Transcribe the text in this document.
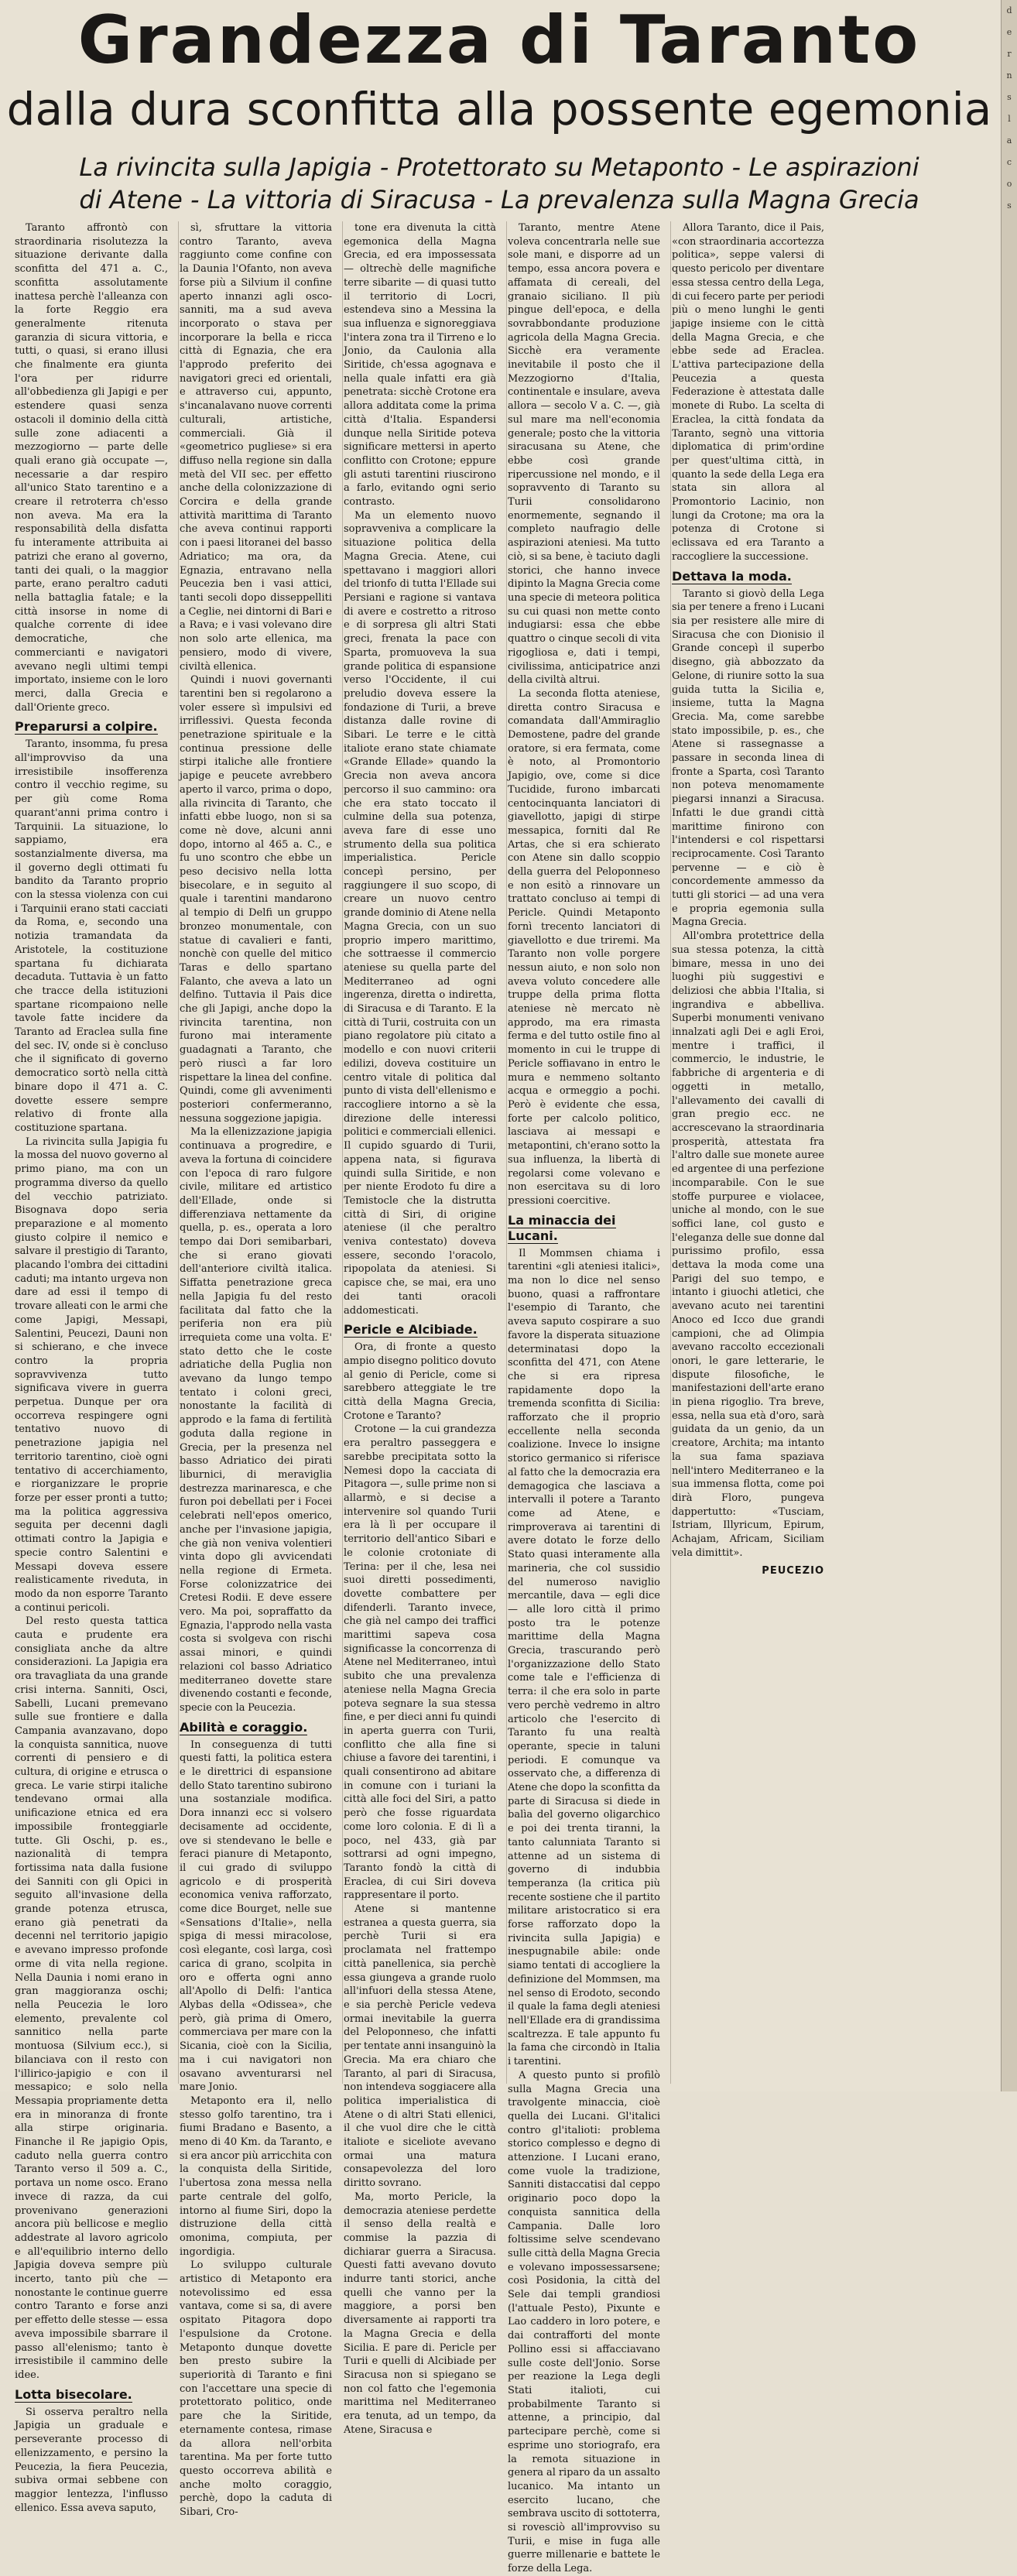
Grandezza di Taranto
dalla dura sconfitta alla possente egemonia

La rivincita sulla Japigia - Protettorato su Metaponto - Le aspirazioni

di Atene - La vittoria di Siracusa - La prevalenza sulla Magna Grecia

Taranto affrontò con straordinaria risolutezza la situazione derivante dalla sconfitta del 471 a. C., sconfitta assolutamente inattesa perchè l'alleanza con la forte Reggio era generalmente ritenuta garanzia di sicura vittoria, e tutti, o quasi, si erano illusi che finalmente era giunta l'ora per ridurre all'obbedienza gli Japigi e per estendere quasi senza ostacoli il dominio della città sulle zone adiacenti a mezzogiorno — parte delle quali erano già occupate —, necessarie a dar respiro all'unico Stato tarentino e a creare il retroterra ch'esso non aveva. Ma era la responsabilità della disfatta fu interamente attribuita ai patrizi che erano al governo, tanti dei quali, o la maggior parte, erano peraltro caduti nella battaglia fatale; e la città insorse in nome di qualche corrente di idee democratiche, che commercianti e navigatori avevano negli ultimi tempi importato, insieme con le loro merci, dalla Grecia e dall'Oriente greco.

Preparursi a colpire.

Taranto, insomma, fu presa all'improvviso da una irresistibile insofferenza contro il vecchio regime, su per giù come Roma quarant'anni prima contro i Tarquinii. La situazione, lo sappiamo, era sostanzialmente diversa, ma il governo degli ottimati fu bandito da Taranto proprio con la stessa violenza con cui i Tarquinii erano stati cacciati da Roma, e, secondo una notizia tramandata da Aristotele, la costituzione spartana fu dichiarata decaduta. Tuttavia è un fatto che tracce della istituzioni spartane ricompaiono nelle tavole fatte incidere da Taranto ad Eraclea sulla fine del sec. IV, onde si è concluso che il significato di governo democratico sortò nella città binare dopo il 471 a. C. dovette essere sempre relativo di fronte alla costituzione spartana.

La rivincita sulla Japigia fu la mossa del nuovo governo al primo piano, ma con un programma diverso da quello del vecchio patriziato. Bisognava dopo seria preparazione e al momento giusto colpire il nemico e salvare il prestigio di Taranto, placando l'ombra dei cittadini caduti; ma intanto urgeva non dare ad essi il tempo di trovare alleati con le armi che come Japigi, Messapi, Salentini, Peucezi, Dauni non si schierano, e che invece contro la propria sopravvivenza tutto significava vivere in guerra perpetua. Dunque per ora occorreva respingere ogni tentativo nuovo di penetrazione japigia nel territorio tarentino, cioè ogni tentativo di accerchiamento, e riorganizzare le proprie forze per esser pronti a tutto; ma la politica aggressiva seguita per decenni dagli ottimati contro la Japigia e specie contro Salentini e Messapi doveva essere realisticamente riveduta, in modo da non esporre Taranto a continui pericoli.

Del resto questa tattica cauta e prudente era consigliata anche da altre considerazioni. La Japigia era ora travagliata da una grande crisi interna. Sanniti, Osci, Sabelli, Lucani premevano sulle sue frontiere e dalla Campania avanzavano, dopo la conquista sannitica, nuove correnti di pensiero e di cultura, di origine e etrusca o greca. Le varie stirpi italiche tendevano ormai alla unificazione etnica ed era impossibile fronteggiarle tutte. Gli Oschi, p. es., nazionalità di tempra fortissima nata dalla fusione dei Sanniti con gli Opici in seguito all'invasione della grande potenza etrusca, erano già penetrati da decenni nel territorio japigio e avevano impresso profonde orme di vita nella regione. Nella Daunia i nomi erano in gran maggioranza oschi; nella Peucezia le loro elemento, prevalente col sannitico nella parte montuosa (Silvium ecc.), si bilanciava con il resto con l'illirico-japigio e con il messapico; e solo nella Messapia propriamente detta era in minoranza di fronte alla stirpe originaria. Finanche il Re japigio Opis, caduto nella guerra contro Taranto verso il 509 a. C., portava un nome osco. Erano invece di razza, da cui provenivano generazioni ancora più bellicose e meglio addestrate al lavoro agricolo e all'equilibrio interno dello Japigia doveva sempre più incerto, tanto più che — nonostante le continue guerre contro Taranto e forse anzi per effetto delle stesse — essa aveva impossibile sbarrare il passo all'elenismo; tanto è irresistibile il cammino delle idee.

Lotta bisecolare.

Si osserva peraltro nella Japigia un graduale e perseverante processo di ellenizzamento, e persino la Peucezia, la fiera Peucezia, subiva ormai sebbene con maggior lentezza, l'influsso ellenico. Essa aveva saputo,

sì, sfruttare la vittoria contro Taranto, aveva raggiunto come confine con la Daunia l'Ofanto, non aveva forse più a Silvium il confine aperto innanzi agli osco-sanniti, ma a sud aveva incorporato o stava per incorporare la bella e ricca città di Egnazia, che era l'approdo preferito dei navigatori greci ed orientali, e attraverso cui, appunto, s'incanalavano nuove correnti culturali, artistiche, commerciali. Già il «geometrico pugliese» si era diffuso nella regione sin dalla metà del VII sec. per effetto anche della colonizzazione di Corcira e della grande attività marittima di Taranto che aveva continui rapporti con i paesi litoranei del basso Adriatico; ma ora, da Egnazia, entravano nella Peucezia ben i vasi attici, tanti secoli dopo disseppelliti a Ceglie, nei dintorni di Bari e a Rava; e i vasi volevano dire non solo arte ellenica, ma pensiero, modo di vivere, civiltà ellenica.

Quindi i nuovi governanti tarentini ben si regolarono a voler essere sì impulsivi ed irriflessivi. Questa feconda penetrazione spirituale e la continua pressione delle stirpi italiche alle frontiere japige e peucete avrebbero aperto il varco, prima o dopo, alla rivincita di Taranto, che infatti ebbe luogo, non si sa come nè dove, alcuni anni dopo, intorno al 465 a. C., e fu uno scontro che ebbe un peso decisivo nella lotta bisecolare, e in seguito al quale i tarentini mandarono al tempio di Delfi un gruppo bronzeo monumentale, con statue di cavalieri e fanti, nonchè con quelle del mitico Taras e dello spartano Falanto, che aveva a lato un delfino. Tuttavia il Pais dice che gli Japigi, anche dopo la rivincita tarentina, non furono mai interamente guadagnati a Taranto, che però riuscì a far loro rispettare la linea del confine. Quindi, come gli avvenimenti posteriori confermeranno, nessuna soggezione japigia.

Ma la ellenizzazione japigia continuava a progredire, e aveva la fortuna di coincidere con l'epoca di raro fulgore civile, militare ed artistico dell'Ellade, onde si differenziava nettamente da quella, p. es., operata a loro tempo dai Dori semibarbari, che si erano giovati dell'anteriore civiltà italica. Siffatta penetrazione greca nella Japigia fu del resto facilitata dal fatto che la periferia non era più irrequieta come una volta. E' stato detto che le coste adriatiche della Puglia non avevano da lungo tempo tentato i coloni greci, nonostante la facilità di approdo e la fama di fertilità goduta dalla regione in Grecia, per la presenza nel basso Adriatico dei pirati liburnici, di meraviglia destrezza marinaresca, e che furon poi debellati per i Focei celebrati nell'epos omerico, anche per l'invasione japigia, che già non veniva volentieri vinta dopo gli avvicendati nella regione di Ermeta. Forse colonizzatrice dei Cretesi Rodii. E deve essere vero. Ma poi, sopraffatto da Egnazia, l'approdo nella vasta costa si svolgeva con rischi assai minori, e quindi relazioni col basso Adriatico mediterraneo dovette stare divenendo costanti e feconde, specie con la Peucezia.

Abilità e coraggio.

In conseguenza di tutti questi fatti, la politica estera e le direttrici di espansione dello Stato tarentino subirono una sostanziale modifica. Dora innanzi ecc si volsero decisamente ad occidente, ove si stendevano le belle e feraci pianure di Metaponto, il cui grado di sviluppo agricolo e di prosperità economica veniva rafforzato, come dice Bourget, nelle sue «Sensations d'Italie», nella spiga di messi miracolose, così elegante, così larga, così carica di grano, scolpita in oro e offerta ogni anno all'Apollo di Delfi: l'antica Alybas della «Odissea», che però, già prima di Omero, commerciava per mare con la Sicania, cioè con la Sicilia, ma i cui navigatori non osavano avventurarsi nel mare Jonio.

Metaponto era il, nello stesso golfo tarentino, tra i fiumi Bradano e Basento, a meno di 40 Km. da Taranto, e si era ancor più arricchita con la conquista della Siritide, l'ubertosa zona messa nella parte centrale del golfo, intorno al fiume Siri, dopo la distruzione della città omonima, compiuta, per ingordigia.

Lo sviluppo culturale artistico di Metaponto era notevolissimo ed essa vantava, come si sa, di avere ospitato Pitagora dopo l'espulsione da Crotone. Metaponto dunque dovette ben presto subire la superiorità di Taranto e fini con l'accettare una specie di protettorato politico, onde pare che la Siritide, eternamente contesa, rimase da allora nell'orbita tarentina. Ma per forte tutto questo occorreva abilità e anche molto coraggio, perchè, dopo la caduta di Sibari, Cro-

tone era divenuta la città egemonica della Magna Grecia, ed era impossessata — oltrechè delle magnifiche terre sibarite — di quasi tutto il territorio di Locri, estendeva sino a Messina la sua influenza e signoreggiava l'intera zona tra il Tirreno e lo Jonio, da Caulonia alla Siritide, ch'essa agognava e nella quale infatti era già penetrata: sicchè Crotone era allora additata come la prima città d'Italia. Espandersi dunque nella Siritide poteva significare mettersi in aperto conflitto con Crotone; eppure gli astuti tarentini riuscirono a farlo, evitando ogni serio contrasto.

Ma un elemento nuovo sopravveniva a complicare la situazione politica della Magna Grecia. Atene, cui spettavano i maggiori allori del trionfo di tutta l'Ellade sui Persiani e ragione si vantava di avere e costretto a ritroso e di sorpresa gli altri Stati greci, frenata la pace con Sparta, promuoveva la sua grande politica di espansione verso l'Occidente, il cui preludio doveva essere la fondazione di Turii, a breve distanza dalle rovine di Sibari. Le terre e le città italiote erano state chiamate «Grande Ellade» quando la Grecia non aveva ancora percorso il suo cammino: ora che era stato toccato il culmine della sua potenza, aveva fare di esse uno strumento della sua politica imperialistica. Pericle concepì persino, per raggiungere il suo scopo, di creare un nuovo centro grande dominio di Atene nella Magna Grecia, con un suo proprio impero marittimo, che sottraesse il commercio ateniese su quella parte del Mediterraneo ad ogni ingerenza, diretta o indiretta, di Siracusa e di Taranto. E la città di Turii, costruita con un piano regolatore più citato a modello e con nuovi criterii edilizi, doveva costituire un centro vitale di politica dal punto di vista dell'ellenismo e raccogliere intorno a sè la direzione delle interessi politici e commerciali ellenici. Il cupido sguardo di Turii, appena nata, si figurava quindi sulla Siritide, e non per niente Erodoto fu dire a Temistocle che la distrutta città di Siri, di origine ateniese (il che peraltro veniva contestato) doveva essere, secondo l'oracolo, ripopolata da ateniesi. Si capisce che, se mai, era uno dei tanti oracoli addomesticati.

Pericle e Alcibiade.

Ora, di fronte a questo ampio disegno politico dovuto al genio di Pericle, come si sarebbero atteggiate le tre città della Magna Grecia, Crotone e Taranto?

Crotone — la cui grandezza era peraltro passeggera e sarebbe precipitata sotto la Nemesi dopo la cacciata di Pitagora —, sulle prime non si allarmò, e si decise a intervenire sol quando Turii era là lì per occupare il territorio dell'antico Sibari e le colonie crotoniate di Terina: per il che, lesa nei suoi diretti possedimenti, dovette combattere per difenderli. Taranto invece, che già nel campo dei traffici marittimi sapeva cosa significasse la concorrenza di Atene nel Mediterraneo, intuì subito che una prevalenza ateniese nella Magna Grecia poteva segnare la sua stessa fine, e per dieci anni fu quindi in aperta guerra con Turii, conflitto che alla fine si chiuse a favore dei tarentini, i quali consentirono ad abitare in comune con i turiani la città alle foci del Siri, a patto però che fosse riguardata come loro colonia. E di lì a poco, nel 433, già par sottrarsi ad ogni impegno, Taranto fondò la città di Eraclea, di cui Siri doveva rappresentare il porto.

Atene si mantenne estranea a questa guerra, sia perchè Turii si era proclamata nel frattempo città panellenica, sia perchè essa giungeva a grande ruolo all'infuori della stessa Atene, e sia perchè Pericle vedeva ormai inevitabile la guerra del Peloponneso, che infatti per tentate anni insanguinò la Grecia. Ma era chiaro che Taranto, al pari di Siracusa, non intendeva soggiacere alla politica imperialistica di Atene o di altri Stati ellenici, il che vuol dire che le città italiote e siceliote avevano ormai una matura consapevolezza del loro diritto sovrano.

Ma, morto Pericle, la democrazia ateniese perdette il senso della realtà e commise la pazzia di dichiarar guerra a Siracusa. Questi fatti avevano dovuto indurre tanti storici, anche quelli che vanno per la maggiore, a porsi ben diversamente ai rapporti tra la Magna Grecia e della Sicilia. E pare di. Pericle per Turii e quelli di Alcibiade per Siracusa non si spiegano se non col fatto che l'egemonia marittima nel Mediterraneo era tenuta, ad un tempo, da Atene, Siracusa e

Taranto, mentre Atene voleva concentrarla nelle sue sole mani, e disporre ad un tempo, essa ancora povera e affamata di cereali, del granaio siciliano. Il più pingue dell'epoca, e della sovrabbondante produzione agricola della Magna Grecia. Sicchè era veramente inevitabile il posto che il Mezzogiorno d'Italia, continentale e insulare, aveva allora — secolo V a. C. —, già sul mare ma nell'economia generale; posto che la vittoria siracusana su Atene, che ebbe così grande ripercussione nel mondo, e il sopravvento di Taranto su Turii consolidarono enormemente, segnando il completo naufragio delle aspirazioni ateniesi. Ma tutto ciò, si sa bene, è taciuto dagli storici, che hanno invece dipinto la Magna Grecia come una specie di meteora politica su cui quasi non mette conto indugiarsi: essa che ebbe quattro o cinque secoli di vita rigogliosa e, dati i tempi, civilissima, anticipatrice anzi della civiltà altrui.

La seconda flotta ateniese, diretta contro Siracusa e comandata dall'Ammiraglio Demostene, padre del grande oratore, si era fermata, come è noto, al Promontorio Japigio, ove, come si dice Tucidide, furono imbarcati centocinquanta lanciatori di giavellotto, japigi di stirpe messapica, forniti dal Re Artas, che si era schierato con Atene sin dallo scoppio della guerra del Peloponneso e non esitò a rinnovare un trattato concluso ai tempi di Pericle. Quindi Metaponto fornì trecento lanciatori di giavellotto e due triremi. Ma Taranto non volle porgere nessun aiuto, e non solo non aveva voluto concedere alle truppe della prima flotta ateniese nè mercato nè approdo, ma era rimasta ferma e del tutto ostile fino al momento in cui le truppe di Pericle soffiavano in entro le mura e nemmeno soltanto acqua e ormeggio a pochi. Però è evidente che essa, forte per calcolo politico, lasciava ai messapi e metapontini, ch'erano sotto la sua influenza, la libertà di regolarsi come volevano e non esercitava su di loro pressioni coercitive.

La minaccia dei Lucani.

Il Mommsen chiama i tarentini «gli ateniesi italici», ma non lo dice nel senso buono, quasi a raffrontare l'esempio di Taranto, che aveva saputo cospirare a suo favore la disperata situazione determinatasi dopo la sconfitta del 471, con Atene che si era ripresa rapidamente dopo la tremenda sconfitta di Sicilia: rafforzato che il proprio eccellente nella seconda coalizione. Invece lo insigne storico germanico si riferisce al fatto che la democrazia era demagogica che lasciava a intervalli il potere a Taranto come ad Atene, e rimproverava ai tarentini di avere dotato le forze dello Stato quasi interamente alla marineria, che col sussidio del numeroso naviglio mercantile, dava — egli dice — alle loro città il primo posto tra le potenze marittime della Magna Grecia, trascurando però l'organizzazione dello Stato come tale e l'efficienza di terra: il che era solo in parte vero perchè vedremo in altro articolo che l'esercito di Taranto fu una realtà operante, specie in taluni periodi. E comunque va osservato che, a differenza di Atene che dopo la sconfitta da parte di Siracusa si diede in balìa del governo oligarchico e poi dei trenta tiranni, la tanto calunniata Taranto si attenne ad un sistema di governo di indubbia temperanza (la critica più recente sostiene che il partito militare aristocratico si era forse rafforzato dopo la rivincita sulla Japigia) e inespugnabile abile: onde siamo tentati di accogliere la definizione del Mommsen, ma nel senso di Erodoto, secondo il quale la fama degli ateniesi nell'Ellade era di grandissima scaltrezza. E tale appunto fu la fama che circondò in Italia i tarentini.

A questo punto si profilò sulla Magna Grecia una travolgente minaccia, cioè quella dei Lucani. Gl'italici contro gl'italioti: problema storico complesso e degno di attenzione. I Lucani erano, come vuole la tradizione, Sanniti distaccatisi dal ceppo originario poco dopo la conquista sannitica della Campania. Dalle loro foltissime selve scendevano sulle città della Magna Grecia e volevano impossessarsene; così Posidonia, la città del Sele dai templi grandiosi (l'attuale Pesto), Pixunte e Lao caddero in loro potere, e dai contrafforti del monte Pollino essi si affacciavano sulle coste dell'Jonio. Sorse per reazione la Lega degli Stati italioti, cui probabilmente Taranto si attenne, a principio, dal partecipare perchè, come si esprime uno storiografo, era la remota situazione in genera al riparo da un assalto lucanico. Ma intanto un esercito lucano, che sembrava uscito di sottoterra, si rovesciò all'improvviso su Turii, e mise in fuga alle guerre millenarie e battete le forze della Lega.

Allora Taranto, dice il Pais, «con straordinaria accortezza politica», seppe valersi di questo pericolo per diventare essa stessa centro della Lega, di cui fecero parte per periodi più o meno lunghi le genti japige insieme con le città della Magna Grecia, e che ebbe sede ad Eraclea. L'attiva partecipazione della Peucezia a questa Federazione è attestata dalle monete di Rubo. La scelta di Eraclea, la città fondata da Taranto, segnò una vittoria diplomatica di prim'ordine per quest'ultima città, in quanto la sede della Lega era stata sin allora al Promontorio Lacinio, non lungi da Crotone; ma ora la potenza di Crotone si eclissava ed era Taranto a raccogliere la successione.

Dettava la moda.

Taranto si giovò della Lega sia per tenere a freno i Lucani sia per resistere alle mire di Siracusa che con Dionisio il Grande concepì il superbo disegno, già abbozzato da Gelone, di riunire sotto la sua guida tutta la Sicilia e, insieme, tutta la Magna Grecia. Ma, come sarebbe stato impossibile, p. es., che Atene si rassegnasse a passare in seconda linea di fronte a Sparta, così Taranto non poteva menomamente piegarsi innanzi a Siracusa. Infatti le due grandi città marittime finirono con l'intendersi e col rispettarsi reciprocamente. Così Taranto pervenne — e ciò è concordemente ammesso da tutti gli storici — ad una vera e propria egemonia sulla Magna Grecia.

All'ombra protettrice della sua stessa potenza, la città bimare, messa in uno dei luoghi più suggestivi e deliziosi che abbia l'Italia, si ingrandiva e abbelliva. Superbi monumenti venivano innalzati agli Dei e agli Eroi, mentre i traffici, il commercio, le industrie, le fabbriche di argenteria e di oggetti in metallo, l'allevamento dei cavalli di gran pregio ecc. ne accrescevano la straordinaria prosperità, attestata fra l'altro dalle sue monete auree ed argentee di una perfezione incomparabile. Con le sue stoffe purpuree e violacee, uniche al mondo, con le sue soffici lane, col gusto e l'eleganza delle sue donne dal purissimo profilo, essa dettava la moda come una Parigi del suo tempo, e intanto i giuochi atletici, che avevano acuto nei tarentini Anoco ed Icco due grandi campioni, che ad Olimpia avevano raccolto eccezionali onori, le gare letterarie, le dispute filosofiche, le manifestazioni dell'arte erano in piena rigoglio. Tra breve, essa, nella sua età d'oro, sarà guidata da un genio, da un creatore, Archita; ma intanto la sua fama spaziava nell'intero Mediterraneo e la sua immensa flotta, come poi dirà Floro, pungeva dappertutto: «Tusciam, Istriam, Illyricum, Epirum, Achajam, Africam, Siciliam vela dimittit».

PEUCEZIO
d
e
r
n
s
l
a
c
o
s
